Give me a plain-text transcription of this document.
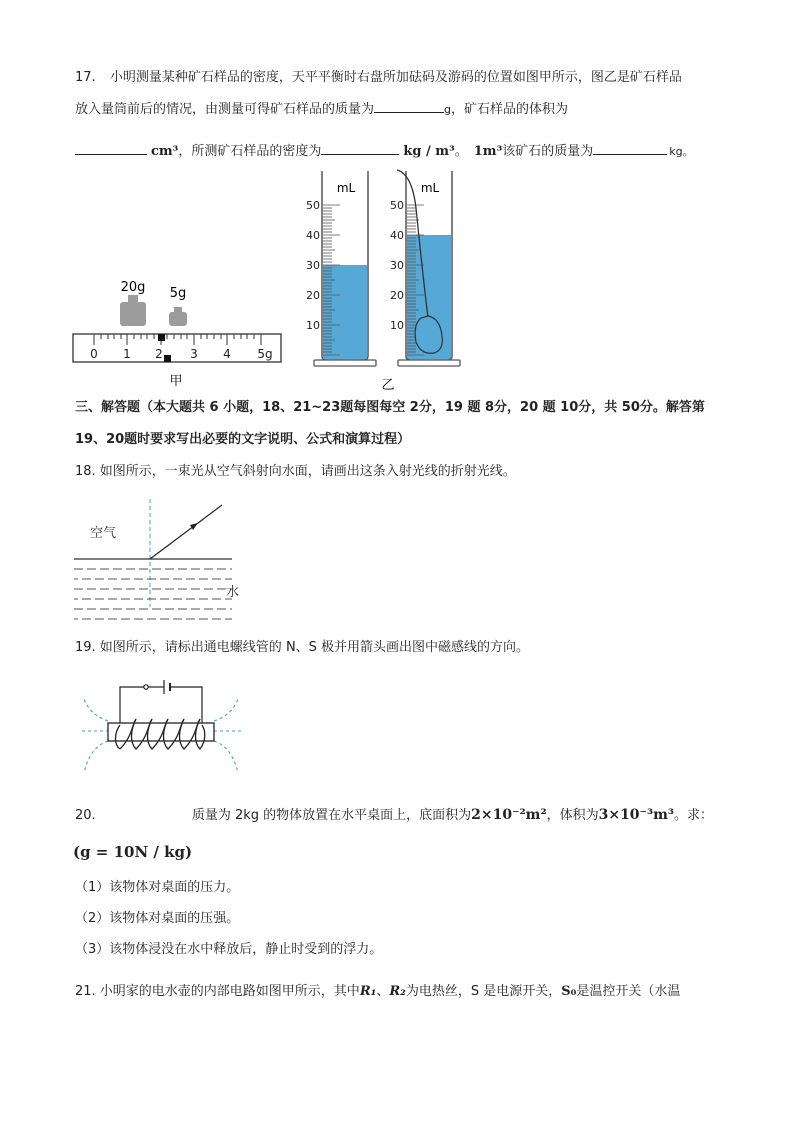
17. 小明测量某种矿石样品的密度，天平平衡时右盘所加砝码及游码的位置如图甲所示，图乙是矿石样品
放入量筒前后的情况，由测量可得矿石样品的质量为	g，矿石样品的体积为
cm³，所测矿石样品的密度为	kg / m³。 1m³该矿石的质量为	kg。
20g 5g
0 1 2 3 4 5g
甲
mL
50
40
30
20
10
mL
50
40
30
20
10
乙
三、解答题（本大题共 6 小题，18、21~23题每图每空 2分，19 题 8分，20 题 10分，共 50分。解答第
19、20题时要求写出必要的文字说明、公式和演算过程）
18. 如图所示，一束光从空气斜射向水面，请画出这条入射光线的折射光线。
空气
水
19. 如图所示，请标出通电螺线管的 N、S 极并用箭头画出图中磁感线的方向。
20.	质量为 2kg 的物体放置在水平桌面上，底面积为2×10⁻²m²，体积为3×10⁻³m³。求：
(g = 10N / kg)
（1）该物体对桌面的压力。
（2）该物体对桌面的压强。
（3）该物体浸没在水中释放后，静止时受到的浮力。
21. 小明家的电水壶的内部电路如图甲所示，其中R₁、R₂为电热丝，S 是电源开关，S₀是温控开关（水温
